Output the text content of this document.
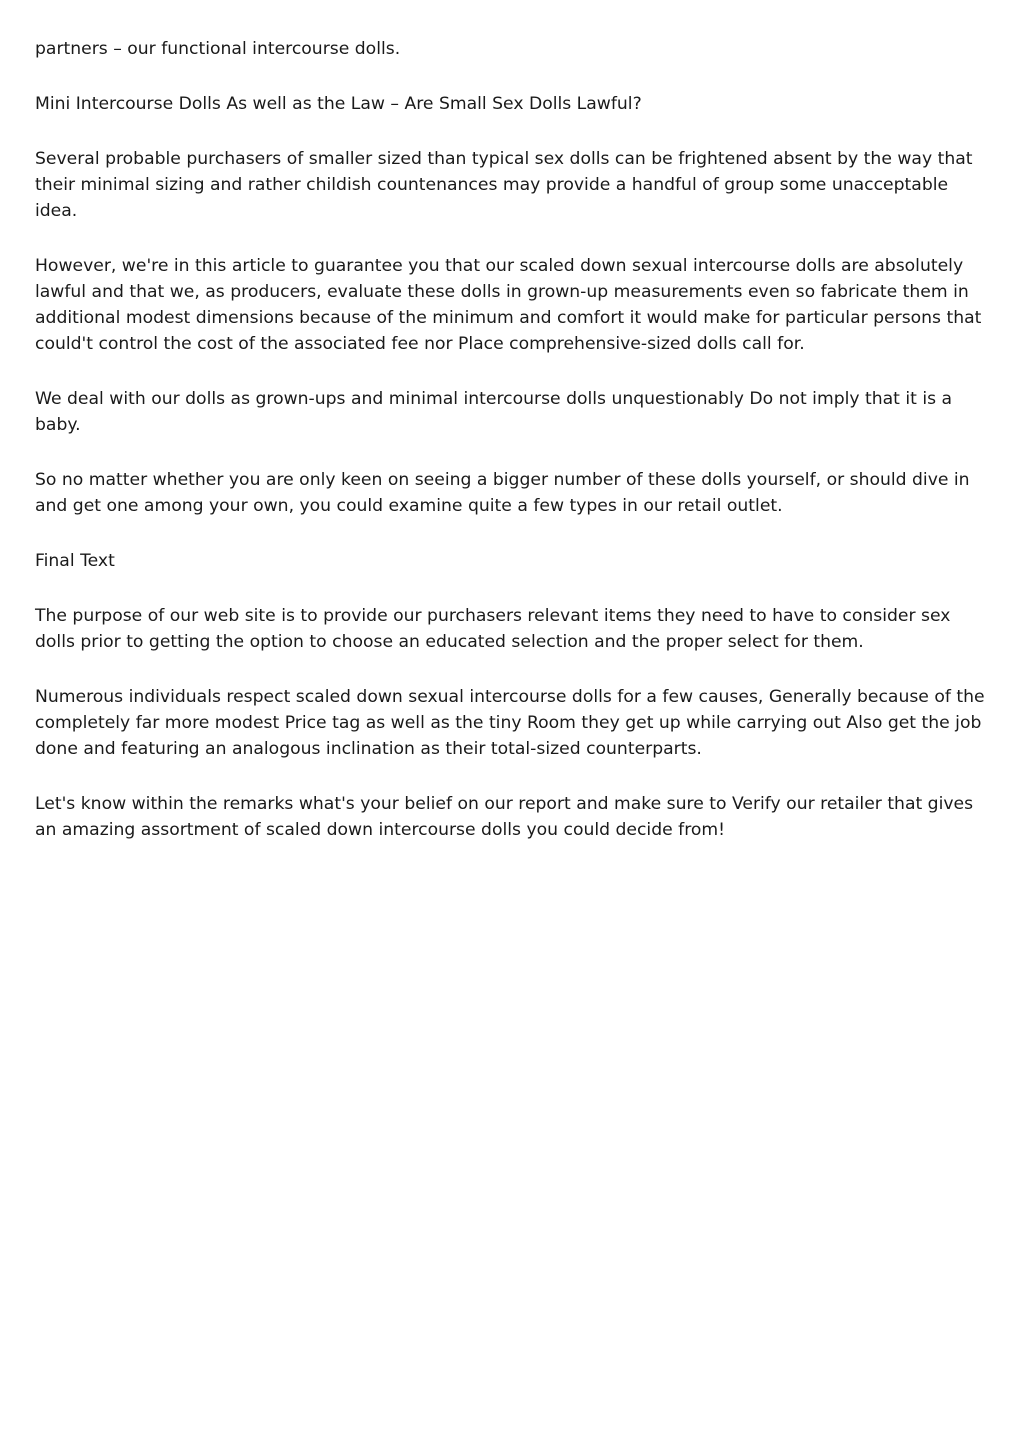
partners – our functional intercourse dolls.

Mini Intercourse Dolls As well as the Law – Are Small Sex Dolls Lawful?

Several probable purchasers of smaller sized than typical sex dolls can be frightened absent by the way that their minimal sizing and rather childish countenances may provide a handful of group some unacceptable idea.

However, we're in this article to guarantee you that our scaled down sexual intercourse dolls are absolutely lawful and that we, as producers, evaluate these dolls in grown-up measurements even so fabricate them in additional modest dimensions because of the minimum and comfort it would make for particular persons that could't control the cost of the associated fee nor Place comprehensive-sized dolls call for.

We deal with our dolls as grown-ups and minimal intercourse dolls unquestionably Do not imply that it is a baby.

So no matter whether you are only keen on seeing a bigger number of these dolls yourself, or should dive in and get one among your own, you could examine quite a few types in our retail outlet.

Final Text

The purpose of our web site is to provide our purchasers relevant items they need to have to consider sex dolls prior to getting the option to choose an educated selection and the proper select for them.

Numerous individuals respect scaled down sexual intercourse dolls for a few causes, Generally because of the completely far more modest Price tag as well as the tiny Room they get up while carrying out Also get the job done and featuring an analogous inclination as their total-sized counterparts.

Let's know within the remarks what's your belief on our report and make sure to Verify our retailer that gives an amazing assortment of scaled down intercourse dolls you could decide from!
